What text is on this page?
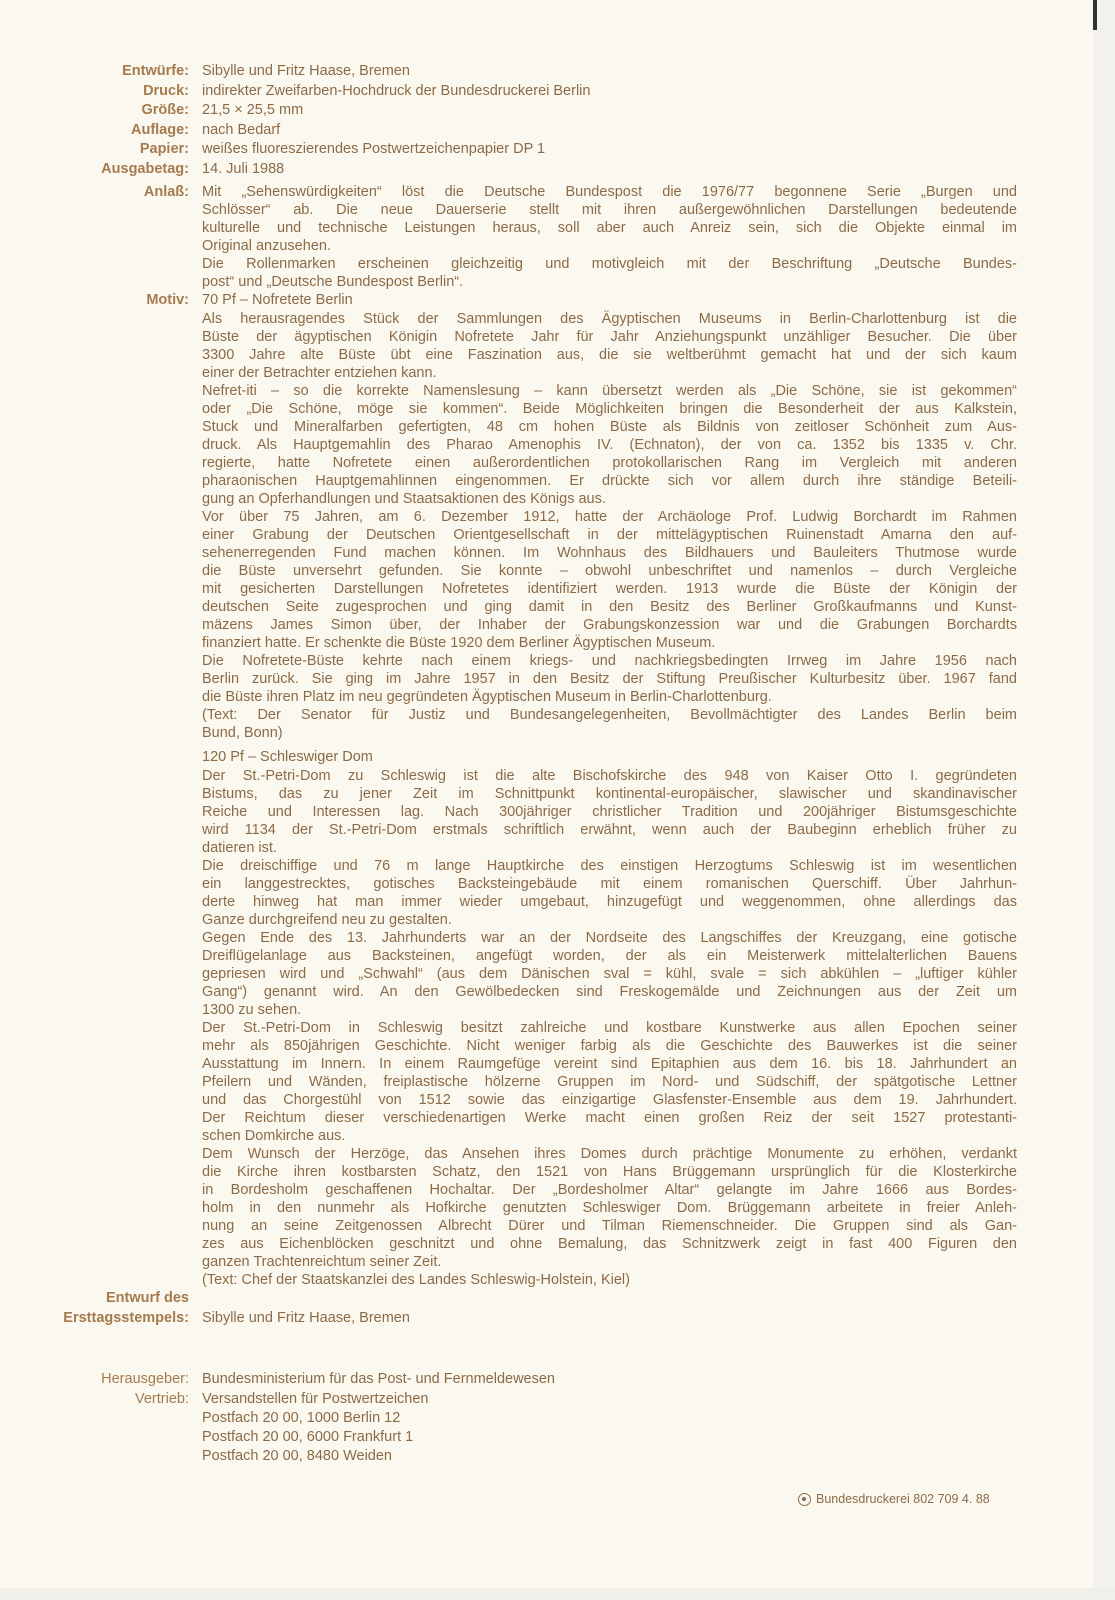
Entwürfe: Sibylle und Fritz Haase, Bremen
Druck: indirekter Zweifarben-Hochdruck der Bundesdruckerei Berlin
Größe: 21,5 × 25,5 mm
Auflage: nach Bedarf
Papier: weißes fluoreszierendes Postwertzeichenpapier DP 1
Ausgabetag: 14. Juli 1988
Anlaß: Mit „Sehenswürdigkeiten“ löst die Deutsche Bundespost die 1976/77 begonnene Serie „Burgen und
Schlösser“ ab. Die neue Dauerserie stellt mit ihren außergewöhnlichen Darstellungen bedeutende
kulturelle und technische Leistungen heraus, soll aber auch Anreiz sein, sich die Objekte einmal im
Original anzusehen.
Die Rollenmarken erscheinen gleichzeitig und motivgleich mit der Beschriftung „Deutsche Bundes-
post“ und „Deutsche Bundespost Berlin“.
Motiv: 70 Pf – Nofretete Berlin
Als herausragendes Stück der Sammlungen des Ägyptischen Museums in Berlin-Charlottenburg ist die
Büste der ägyptischen Königin Nofretete Jahr für Jahr Anziehungspunkt unzähliger Besucher. Die über
3300 Jahre alte Büste übt eine Faszination aus, die sie weltberühmt gemacht hat und der sich kaum
einer der Betrachter entziehen kann.
Nefret-iti – so die korrekte Namenslesung – kann übersetzt werden als „Die Schöne, sie ist gekommen“
oder „Die Schöne, möge sie kommen“. Beide Möglichkeiten bringen die Besonderheit der aus Kalkstein,
Stuck und Mineralfarben gefertigten, 48 cm hohen Büste als Bildnis von zeitloser Schönheit zum Aus-
druck. Als Hauptgemahlin des Pharao Amenophis IV. (Echnaton), der von ca. 1352 bis 1335 v. Chr.
regierte, hatte Nofretete einen außerordentlichen protokollarischen Rang im Vergleich mit anderen
pharaonischen Hauptgemahlinnen eingenommen. Er drückte sich vor allem durch ihre ständige Beteili-
gung an Opferhandlungen und Staatsaktionen des Königs aus.
Vor über 75 Jahren, am 6. Dezember 1912, hatte der Archäologe Prof. Ludwig Borchardt im Rahmen
einer Grabung der Deutschen Orientgesellschaft in der mittelägyptischen Ruinenstadt Amarna den auf-
sehenerregenden Fund machen können. Im Wohnhaus des Bildhauers und Bauleiters Thutmose wurde
die Büste unversehrt gefunden. Sie konnte – obwohl unbeschriftet und namenlos – durch Vergleiche
mit gesicherten Darstellungen Nofretetes identifiziert werden. 1913 wurde die Büste der Königin der
deutschen Seite zugesprochen und ging damit in den Besitz des Berliner Großkaufmanns und Kunst-
mäzens James Simon über, der Inhaber der Grabungskonzession war und die Grabungen Borchardts
finanziert hatte. Er schenkte die Büste 1920 dem Berliner Ägyptischen Museum.
Die Nofretete-Büste kehrte nach einem kriegs- und nachkriegsbedingten Irrweg im Jahre 1956 nach
Berlin zurück. Sie ging im Jahre 1957 in den Besitz der Stiftung Preußischer Kulturbesitz über. 1967 fand
die Büste ihren Platz im neu gegründeten Ägyptischen Museum in Berlin-Charlottenburg.
(Text: Der Senator für Justiz und Bundesangelegenheiten, Bevollmächtigter des Landes Berlin beim
Bund, Bonn)
120 Pf – Schleswiger Dom
Der St.-Petri-Dom zu Schleswig ist die alte Bischofskirche des 948 von Kaiser Otto I. gegründeten
Bistums, das zu jener Zeit im Schnittpunkt kontinental-europäischer, slawischer und skandinavischer
Reiche und Interessen lag. Nach 300jähriger christlicher Tradition und 200jähriger Bistumsgeschichte
wird 1134 der St.-Petri-Dom erstmals schriftlich erwähnt, wenn auch der Baubeginn erheblich früher zu
datieren ist.
Die dreischiffige und 76 m lange Hauptkirche des einstigen Herzogtums Schleswig ist im wesentlichen
ein langgestrecktes, gotisches Backsteingebäude mit einem romanischen Querschiff. Über Jahrhun-
derte hinweg hat man immer wieder umgebaut, hinzugefügt und weggenommen, ohne allerdings das
Ganze durchgreifend neu zu gestalten.
Gegen Ende des 13. Jahrhunderts war an der Nordseite des Langschiffes der Kreuzgang, eine gotische
Dreiflügelanlage aus Backsteinen, angefügt worden, der als ein Meisterwerk mittelalterlichen Bauens
gepriesen wird und „Schwahl“ (aus dem Dänischen sval = kühl, svale = sich abkühlen – „luftiger kühler
Gang“) genannt wird. An den Gewölbedecken sind Freskogemälde und Zeichnungen aus der Zeit um
1300 zu sehen.
Der St.-Petri-Dom in Schleswig besitzt zahlreiche und kostbare Kunstwerke aus allen Epochen seiner
mehr als 850jährigen Geschichte. Nicht weniger farbig als die Geschichte des Bauwerkes ist die seiner
Ausstattung im Innern. In einem Raumgefüge vereint sind Epitaphien aus dem 16. bis 18. Jahrhundert an
Pfeilern und Wänden, freiplastische hölzerne Gruppen im Nord- und Südschiff, der spätgotische Lettner
und das Chorgestühl von 1512 sowie das einzigartige Glasfenster-Ensemble aus dem 19. Jahrhundert.
Der Reichtum dieser verschiedenartigen Werke macht einen großen Reiz der seit 1527 protestanti-
schen Domkirche aus.
Dem Wunsch der Herzöge, das Ansehen ihres Domes durch prächtige Monumente zu erhöhen, verdankt
die Kirche ihren kostbarsten Schatz, den 1521 von Hans Brüggemann ursprünglich für die Klosterkirche
in Bordesholm geschaffenen Hochaltar. Der „Bordesholmer Altar“ gelangte im Jahre 1666 aus Bordes-
holm in den nunmehr als Hofkirche genutzten Schleswiger Dom. Brüggemann arbeitete in freier Anleh-
nung an seine Zeitgenossen Albrecht Dürer und Tilman Riemenschneider. Die Gruppen sind als Gan-
zes aus Eichenblöcken geschnitzt und ohne Bemalung, das Schnitzwerk zeigt in fast 400 Figuren den
ganzen Trachtenreichtum seiner Zeit.
(Text: Chef der Staatskanzlei des Landes Schleswig-Holstein, Kiel)
Entwurf des
Ersttagsstempels: Sibylle und Fritz Haase, Bremen
Herausgeber: Bundesministerium für das Post- und Fernmeldewesen
Vertrieb: Versandstellen für Postwertzeichen
Postfach 20 00, 1000 Berlin 12
Postfach 20 00, 6000 Frankfurt 1
Postfach 20 00, 8480 Weiden
Bundesdruckerei 802 709 4. 88
